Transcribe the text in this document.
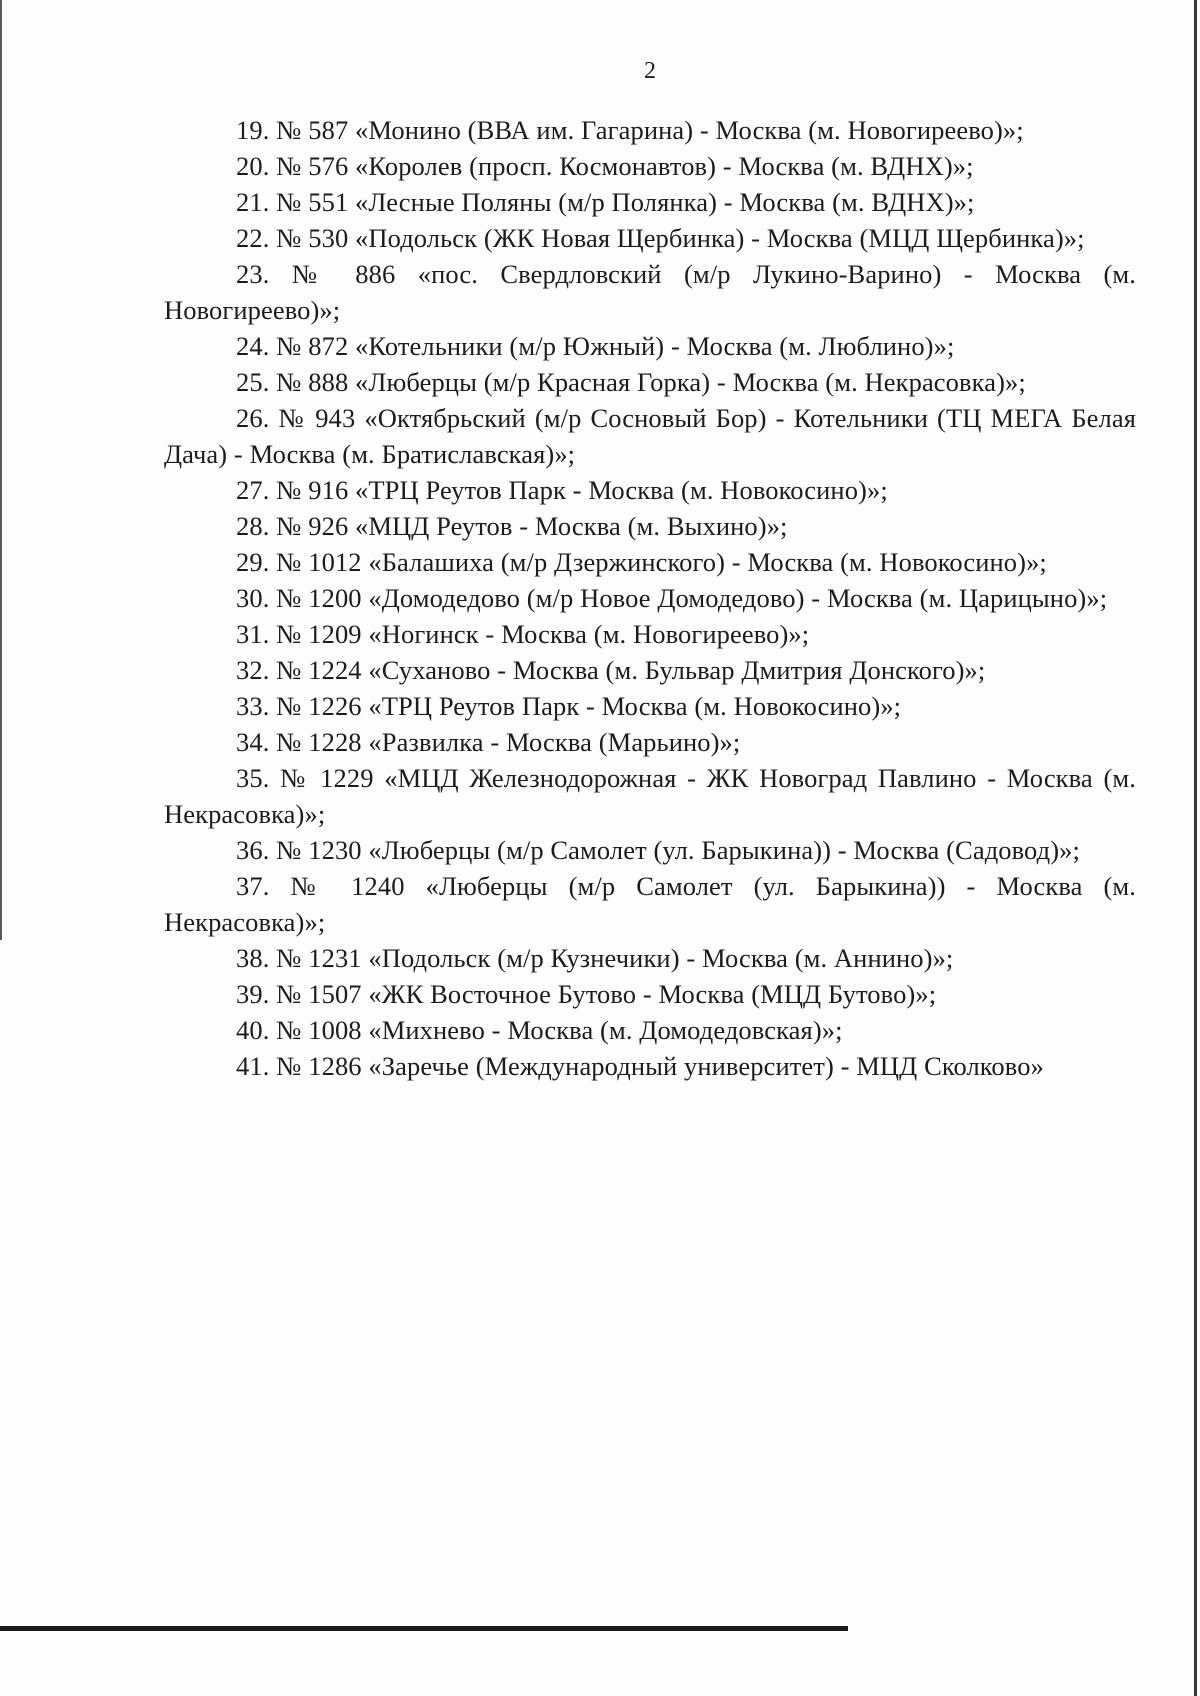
2

19. № 587 «Монино (ВВА им. Гагарина) - Москва (м. Новогиреево)»;

20. № 576 «Королев (просп. Космонавтов) - Москва (м. ВДНХ)»;

21. № 551 «Лесные Поляны (м/р Полянка) - Москва (м. ВДНХ)»;

22. № 530 «Подольск (ЖК Новая Щербинка) - Москва (МЦД Щербинка)»;

23. № 886 «пос. Свердловский (м/р Лукино-Варино) - Москва (м. Новогиреево)»;

24. № 872 «Котельники (м/р Южный) - Москва (м. Люблино)»;

25. № 888 «Люберцы (м/р Красная Горка) - Москва (м. Некрасовка)»;

26. № 943 «Октябрьский (м/р Сосновый Бор) - Котельники (ТЦ МЕГА Белая Дача) - Москва (м. Братиславская)»;

27. № 916 «ТРЦ Реутов Парк - Москва (м. Новокосино)»;

28. № 926 «МЦД Реутов - Москва (м. Выхино)»;

29. № 1012 «Балашиха (м/р Дзержинского) - Москва (м. Новокосино)»;

30. № 1200 «Домодедово (м/р Новое Домодедово) - Москва (м. Царицыно)»;

31. № 1209 «Ногинск - Москва (м. Новогиреево)»;

32. № 1224 «Суханово - Москва (м. Бульвар Дмитрия Донского)»;

33. № 1226 «ТРЦ Реутов Парк - Москва (м. Новокосино)»;

34. № 1228 «Развилка - Москва (Марьино)»;

35. № 1229 «МЦД Железнодорожная - ЖК Новоград Павлино - Москва (м. Некрасовка)»;

36. № 1230 «Люберцы (м/р Самолет (ул. Барыкина)) - Москва (Садовод)»;

37. № 1240 «Люберцы (м/р Самолет (ул. Барыкина)) - Москва (м. Некрасовка)»;

38. № 1231 «Подольск (м/р Кузнечики) - Москва (м. Аннино)»;

39. № 1507 «ЖК Восточное Бутово - Москва (МЦД Бутово)»;

40. № 1008 «Михнево - Москва (м. Домодедовская)»;

41. № 1286 «Заречье (Международный университет) - МЦД Сколково»
